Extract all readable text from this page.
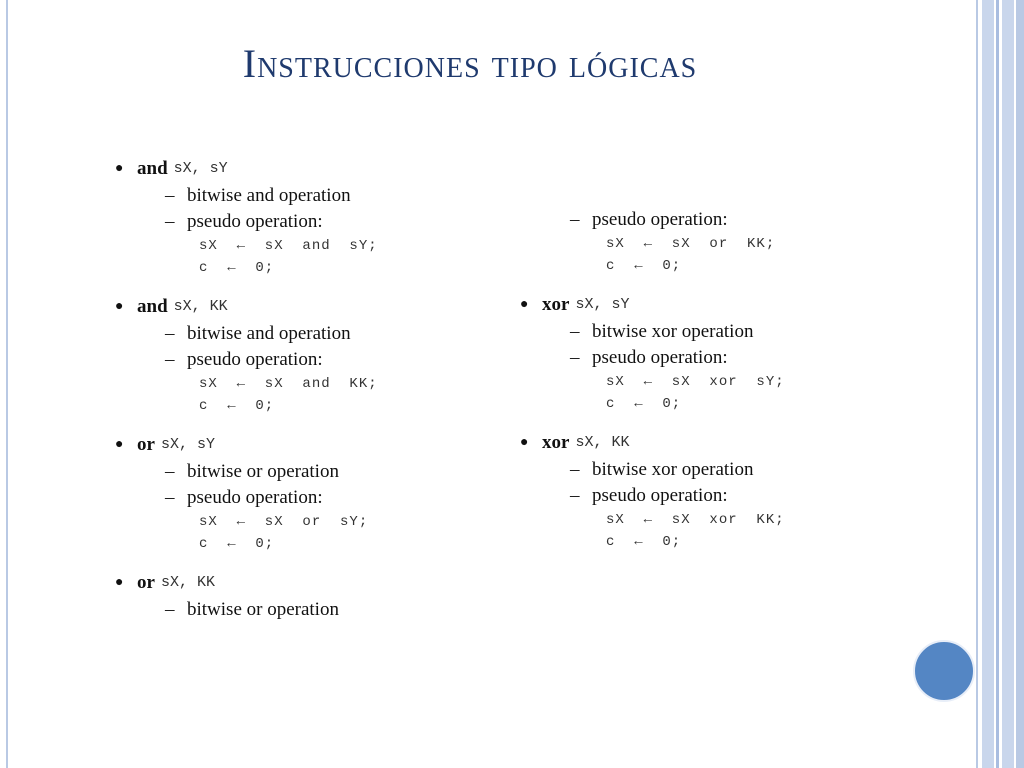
Instrucciones tipo lógicas
● and sX, sY
– bitwise and operation
– pseudo operation:
sX  ←  sX  and  sY;
c  ←  0;
● and sX, KK
– bitwise and operation
– pseudo operation:
sX  ←  sX  and  KK;
c  ←  0;
● or sX, sY
– bitwise or operation
– pseudo operation:
sX  ←  sX  or  sY;
c  ←  0;
● or sX, KK
– bitwise or operation
– pseudo operation:
sX  ←  sX  or  KK;
c  ←  0;
● xor sX, sY
– bitwise xor operation
– pseudo operation:
sX  ←  sX  xor  sY;
c  ←  0;
● xor sX, KK
– bitwise xor operation
– pseudo operation:
sX  ←  sX  xor  KK;
c  ←  0;
